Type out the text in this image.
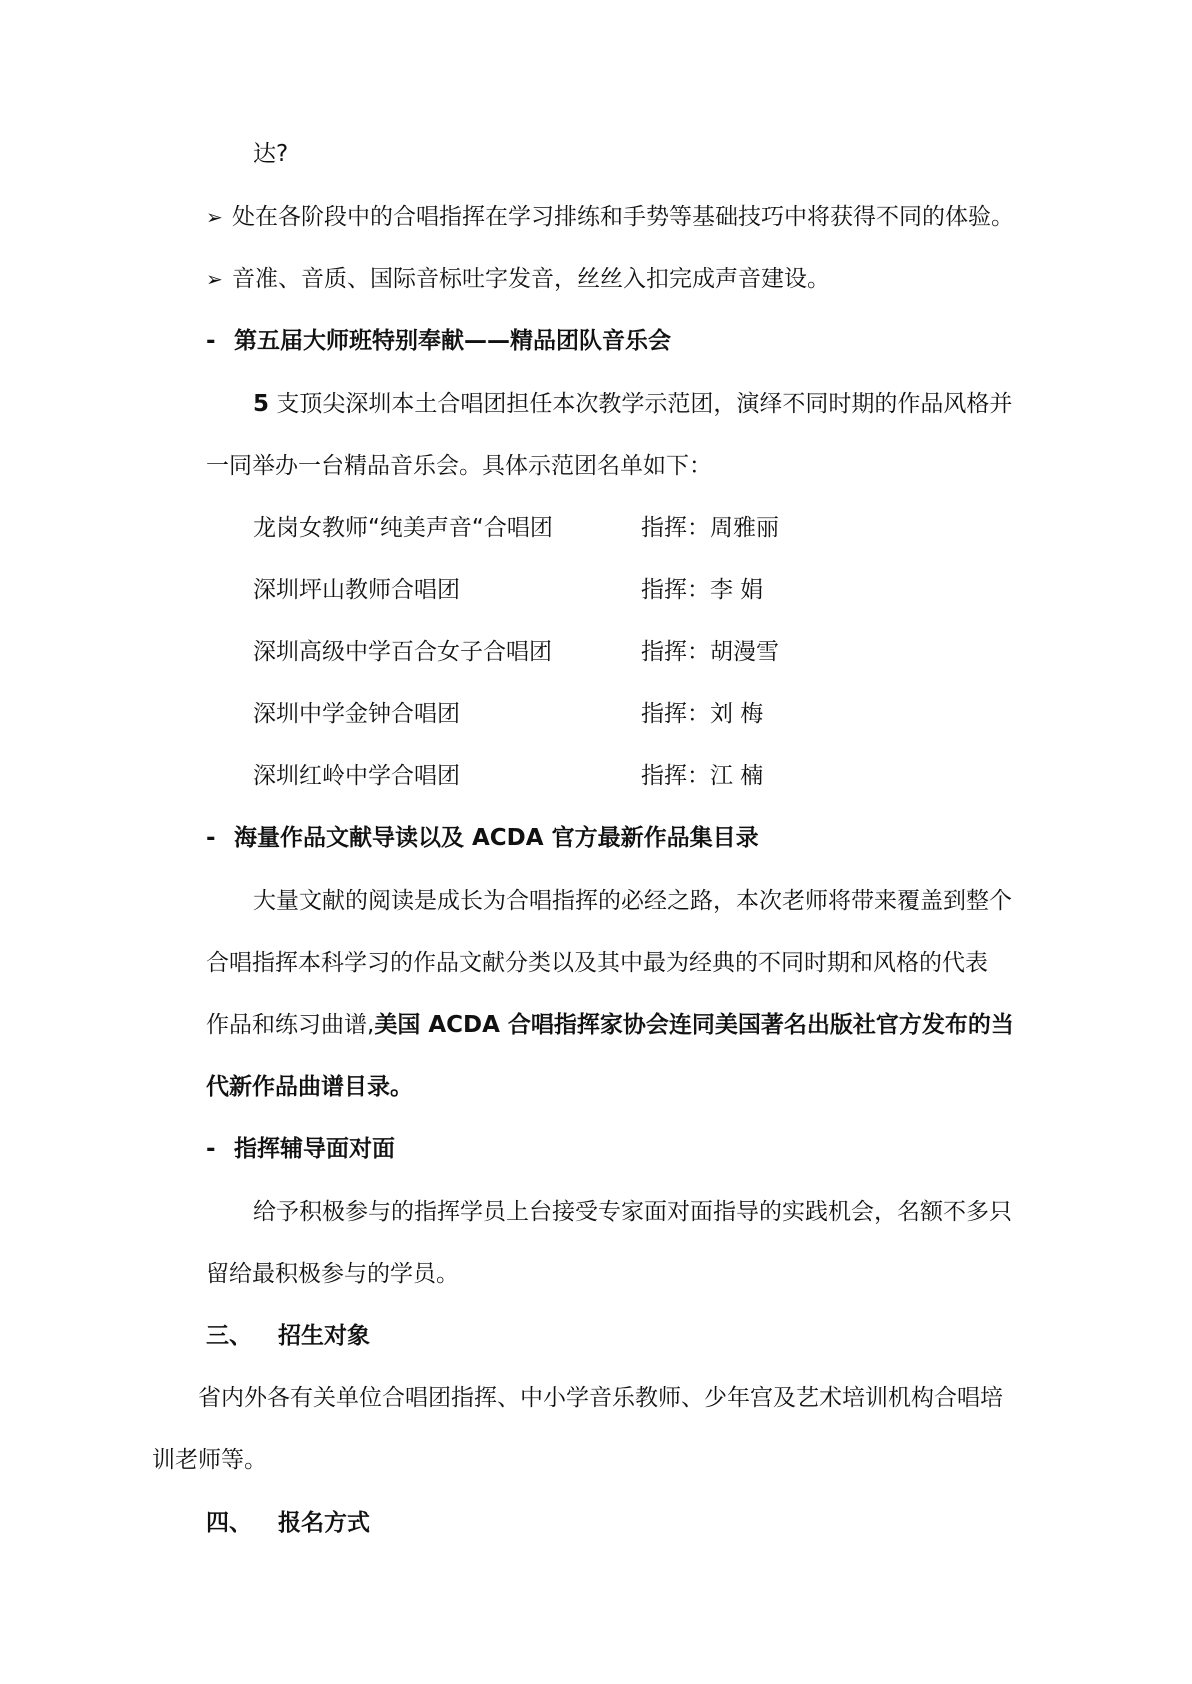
达?
➢ 处在各阶段中的合唱指挥在学习排练和手势等基础技巧中将获得不同的体验。
➢ 音准、音质、国际音标吐字发音，丝丝入扣完成声音建设。
- 第五届大师班特别奉献——精品团队音乐会
5 支顶尖深圳本土合唱团担任本次教学示范团，演绎不同时期的作品风格并
一同举办一台精品音乐会。具体示范团名单如下：
龙岗女教师“纯美声音“合唱团	指挥：周雅丽
深圳坪山教师合唱团	指挥：李 娟
深圳高级中学百合女子合唱团	指挥：胡漫雪
深圳中学金钟合唱团	指挥：刘 梅
深圳红岭中学合唱团	指挥：江 楠
- 海量作品文献导读以及 ACDA 官方最新作品集目录
大量文献的阅读是成长为合唱指挥的必经之路，本次老师将带来覆盖到整个
合唱指挥本科学习的作品文献分类以及其中最为经典的不同时期和风格的代表
作品和练习曲谱,美国 ACDA 合唱指挥家协会连同美国著名出版社官方发布的当
代新作品曲谱目录。
- 指挥辅导面对面
给予积极参与的指挥学员上台接受专家面对面指导的实践机会，名额不多只
留给最积极参与的学员。
三、 招生对象
省内外各有关单位合唱团指挥、中小学音乐教师、少年宫及艺术培训机构合唱培
训老师等。
四、 报名方式
